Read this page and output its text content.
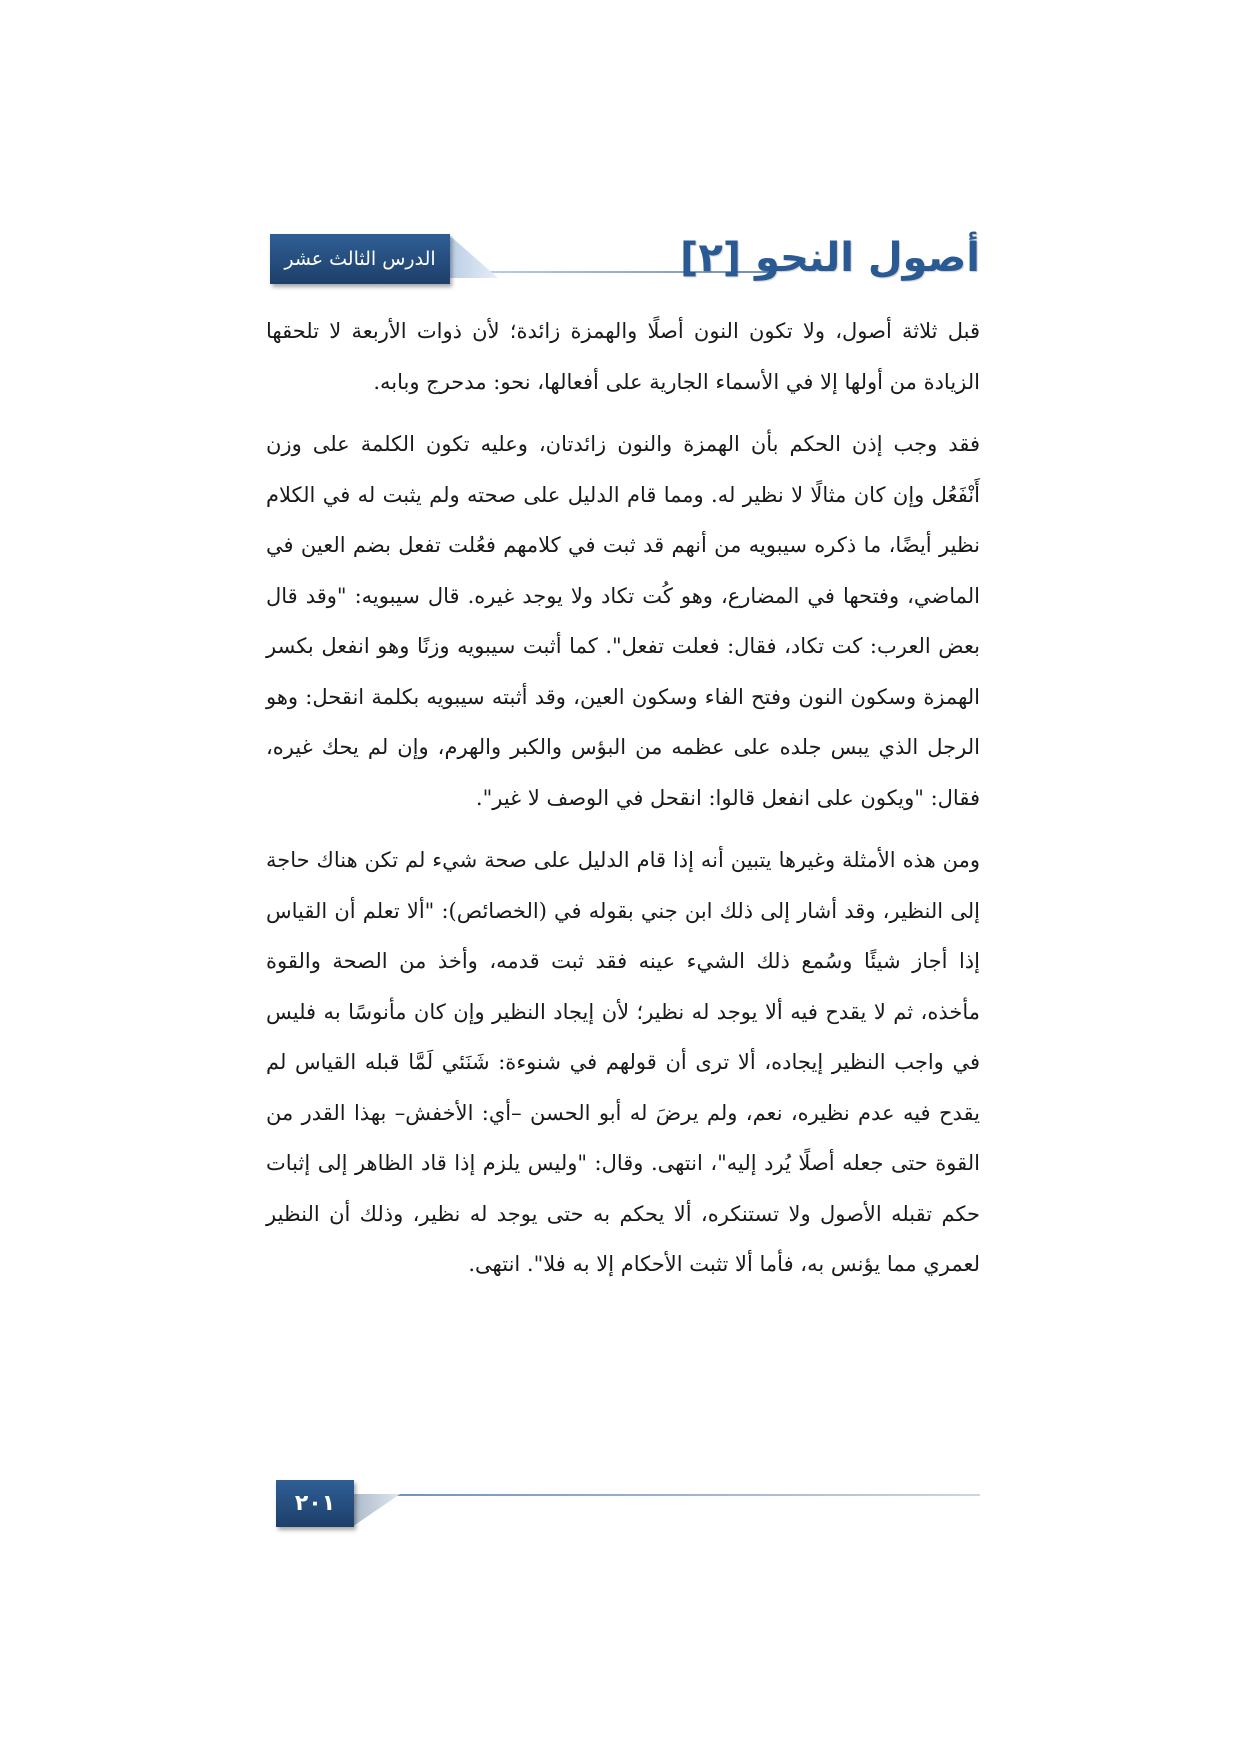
الدرس الثالث عشر	أصول النحو [٢]

قبل ثلاثة أصول، ولا تكون النون أصلًا والهمزة زائدة؛ لأن ذوات الأربعة لا تلحقها الزيادة من أولها إلا في الأسماء الجارية على أفعالها، نحو: مدحرج وبابه.

فقد وجب إذن الحكم بأن الهمزة والنون زائدتان، وعليه تكون الكلمة على وزن أَنْفَعُل وإن كان مثالًا لا نظير له. ومما قام الدليل على صحته ولم يثبت له في الكلام نظير أيضًا، ما ذكره سيبويه من أنهم قد ثبت في كلامهم فعُلت تفعل بضم العين في الماضي، وفتحها في المضارع، وهو كُت تكاد ولا يوجد غيره. قال سيبويه: "وقد قال بعض العرب: كت تكاد، فقال: فعلت تفعل". كما أثبت سيبويه وزنًا وهو انفعل بكسر الهمزة وسكون النون وفتح الفاء وسكون العين، وقد أثبته سيبويه بكلمة انقحل: وهو الرجل الذي يبس جلده على عظمه من البؤس والكبر والهرم، وإن لم يحك غيره، فقال: "ويكون على انفعل قالوا: انقحل في الوصف لا غير".

ومن هذه الأمثلة وغيرها يتبين أنه إذا قام الدليل على صحة شيء لم تكن هناك حاجة إلى النظير، وقد أشار إلى ذلك ابن جني بقوله في (الخصائص): "ألا تعلم أن القياس إذا أجاز شيئًا وسُمع ذلك الشيء عينه فقد ثبت قدمه، وأخذ من الصحة والقوة مأخذه، ثم لا يقدح فيه ألا يوجد له نظير؛ لأن إيجاد النظير وإن كان مأنوسًا به فليس في واجب النظير إيجاده، ألا ترى أن قولهم في شنوءة: شَنَئي لَمَّا قبله القياس لم يقدح فيه عدم نظيره، نعم، ولم يرضَ له أبو الحسن –أي: الأخفش– بهذا القدر من القوة حتى جعله أصلًا يُرد إليه"، انتهى. وقال: "وليس يلزم إذا قاد الظاهر إلى إثبات حكم تقبله الأصول ولا تستنكره، ألا يحكم به حتى يوجد له نظير، وذلك أن النظير لعمري مما يؤنس به، فأما ألا تثبت الأحكام إلا به فلا". انتهى.

٢٠١
